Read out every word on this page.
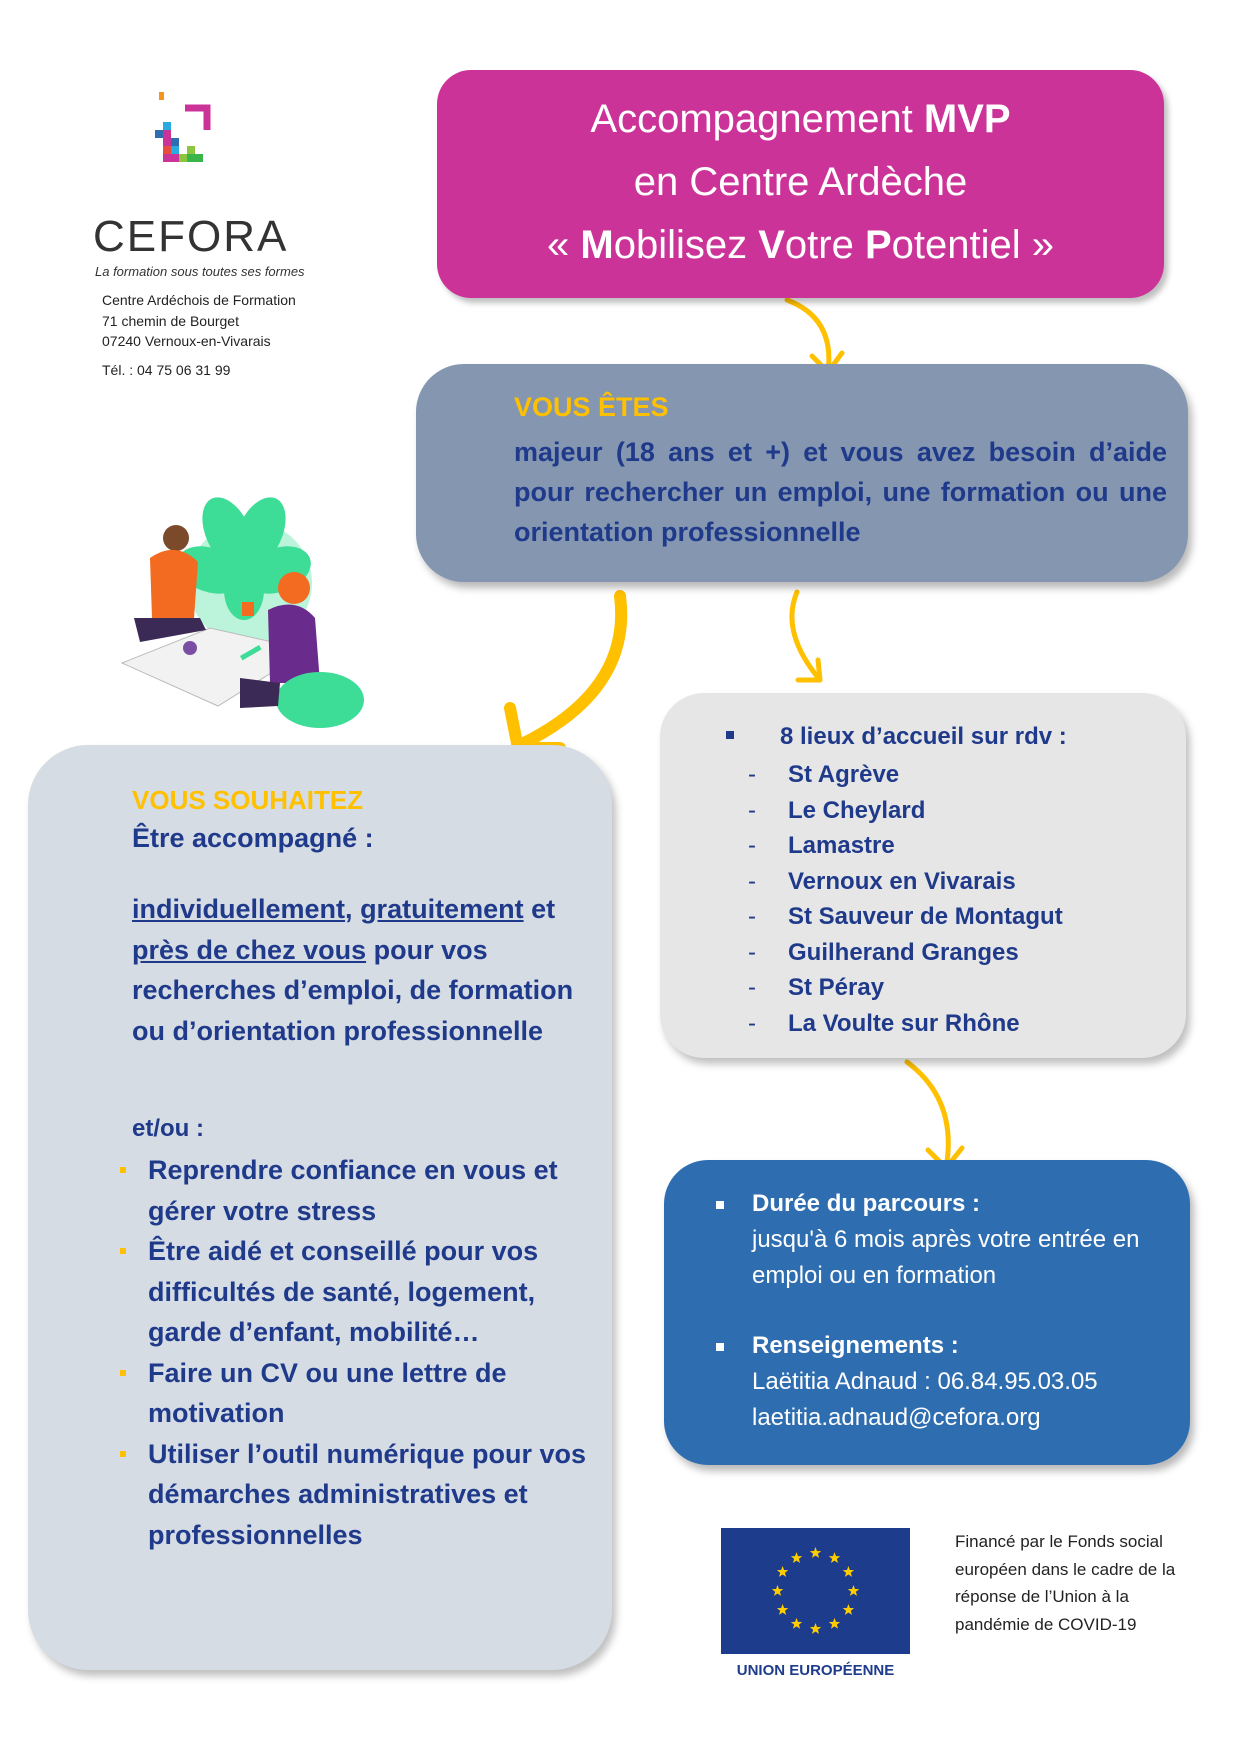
CEFORA
La formation sous toutes ses formes
Centre Ardéchois de Formation
71 chemin de Bourget
07240 Vernoux-en-Vivarais
Tél. : 04 75 06 31 99
Accompagnement MVP
en Centre Ardèche
« Mobilisez Votre Potentiel »
VOUS ÊTES
majeur (18 ans et +) et vous avez besoin d’aide pour rechercher un emploi, une formation ou une orientation professionnelle
VOUS SOUHAITEZ
Être accompagné :
individuellement, gratuitement et près de chez vous pour vos recherches d’emploi, de formation ou d’orientation professionnelle
et/ou :
Reprendre confiance en vous et gérer votre stress
Être aidé et conseillé pour vos difficultés de santé, logement, garde d’enfant, mobilité…
Faire un CV ou une lettre de motivation
Utiliser l’outil numérique pour vos démarches administratives et professionnelles
8 lieux d’accueil sur rdv :
- St Agrève
- Le Cheylard
- Lamastre
- Vernoux en Vivarais
- St Sauveur de Montagut
- Guilherand Granges
- St Péray
- La Voulte sur Rhône
Durée du parcours :
jusqu'à 6 mois après votre entrée en emploi ou en formation
Renseignements :
Laëtitia Adnaud : 06.84.95.03.05
laetitia.adnaud@cefora.org
UNION EUROPÉENNE
Financé par le Fonds social européen dans le cadre de la réponse de l’Union à la pandémie de COVID-19
